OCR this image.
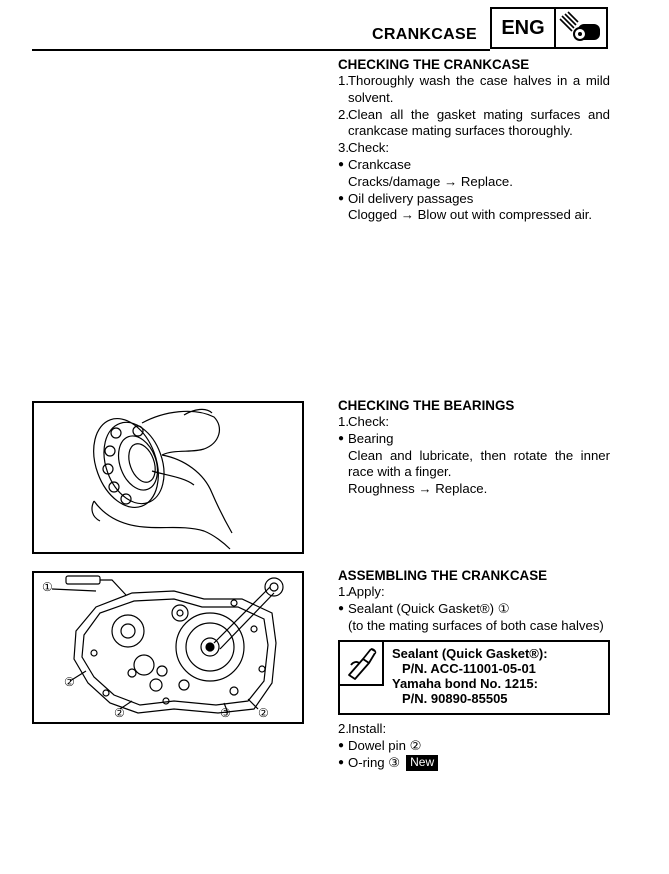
CRANKCASE	ENG
CHECKING THE CRANKCASE
1. Thoroughly wash the case halves in a mild solvent.
2. Clean all the gasket mating surfaces and crankcase mating surfaces thoroughly.
3. Check:
● Crankcase
Cracks/damage → Replace.
● Oil delivery passages
Clogged → Blow out with compressed air.
CHECKING THE BEARINGS
1. Check:
● Bearing
Clean and lubricate, then rotate the inner race with a finger.
Roughness → Replace.
ASSEMBLING THE CRANKCASE
1. Apply:
● Sealant (Quick Gasket®) ①
(to the mating surfaces of both case halves)
Sealant (Quick Gasket®):
P/N. ACC-11001-05-01
Yamaha bond No. 1215:
P/N. 90890-85505
2. Install:
● Dowel pin ②
● O-ring ③ New
①
②
②	③ ②
